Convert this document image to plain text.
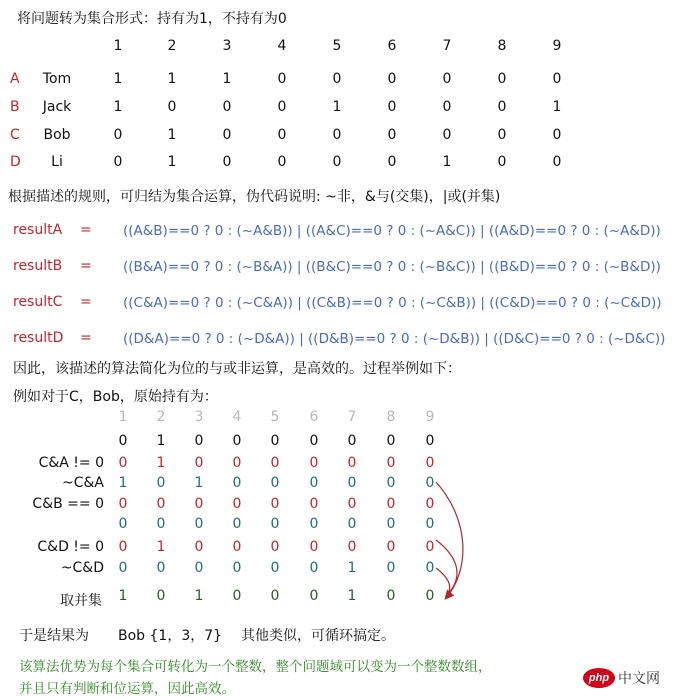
将问题转为集合形式：持有为1，不持有为0
1	2	3	4	5	6	7	8	9
A	Tom	1	1	1	0	0	0	0	0	0
B	Jack	1	0	0	0	1	0	0	0	1
C	Bob	0	1	0	0	0	0	0	0	0
D	Li	0	1	0	0	0	0	1	0	0
根据描述的规则，可归结为集合运算，伪代码说明: ~非，&与(交集)，|或(并集)
resultA = ((A&B)==0 ? 0 : (~A&B)) | ((A&C)==0 ? 0 : (~A&C)) | ((A&D)==0 ? 0 : (~A&D))
resultB = ((B&A)==0 ? 0 : (~B&A)) | ((B&C)==0 ? 0 : (~B&C)) | ((B&D)==0 ? 0 : (~B&D))
resultC = ((C&A)==0 ? 0 : (~C&A)) | ((C&B)==0 ? 0 : (~C&B)) | ((C&D)==0 ? 0 : (~C&D))
resultD = ((D&A)==0 ? 0 : (~D&A)) | ((D&B)==0 ? 0 : (~D&B)) | ((D&C)==0 ? 0 : (~D&C))
因此，该描述的算法简化为位的与或非运算，是高效的。过程举例如下：
例如对于C，Bob，原始持有为：
1	2	3	4	5	6	7	8	9
0	1	0	0	0	0	0	0	0
C&A != 0	0	1	0	0	0	0	0	0	0
~C&A	1	0	1	0	0	0	0	0	0
C&B == 0	0	0	0	0	0	0	0	0	0
0	0	0	0	0	0	0	0	0
C&D != 0	0	1	0	0	0	0	0	0	0
~C&D	0	0	0	0	0	0	1	0	0
取并集	1	0	1	0	0	0	1	0	0
于是结果为 Bob {1，3，7} 其他类似，可循环搞定。
该算法优势为每个集合可转化为一个整数，整个问题域可以变为一个整数数组，
并且只有判断和位运算，因此高效。
php 中文网
